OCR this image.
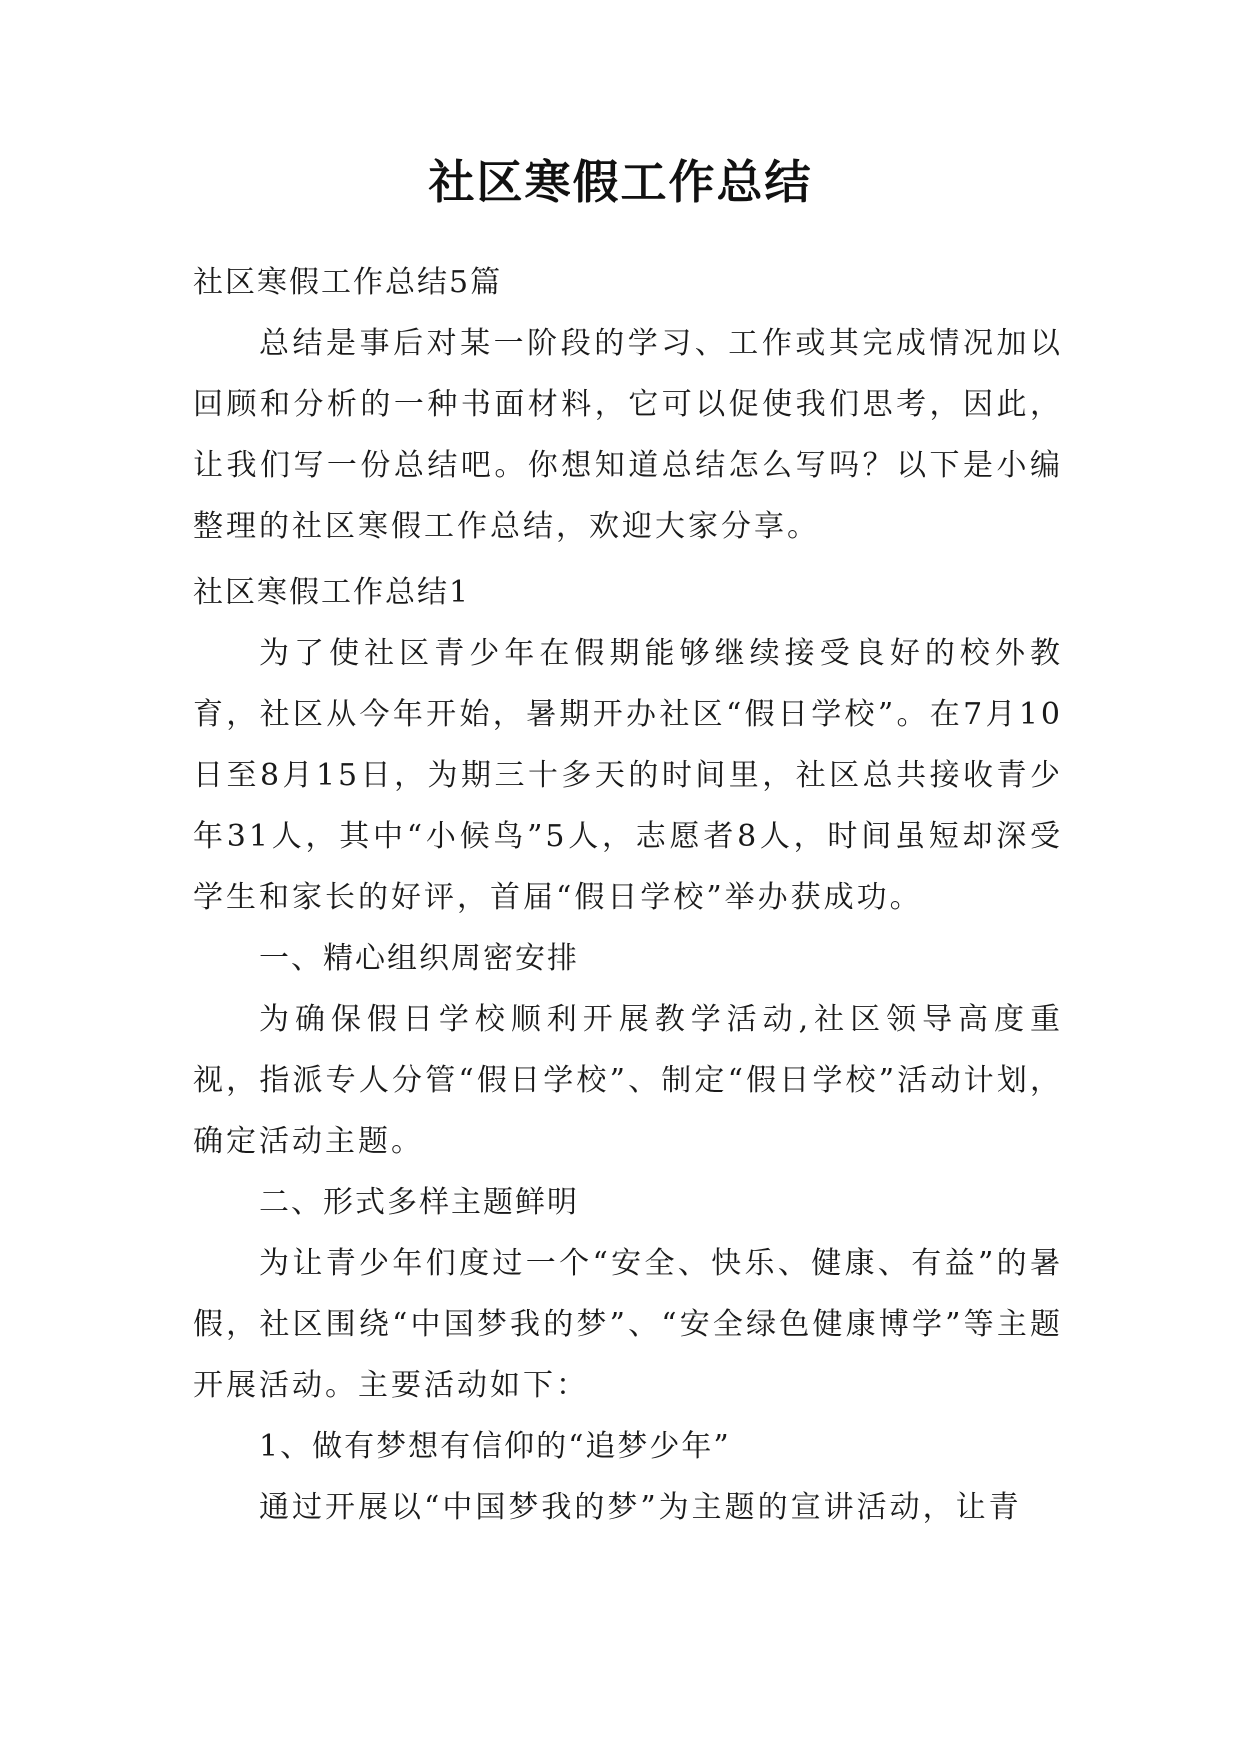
社区寒假工作总结

社区寒假工作总结5篇

总结是事后对某一阶段的学习、工作或其完成情况加以回顾和分析的一种书面材料，它可以促使我们思考，因此，让我们写一份总结吧。你想知道总结怎么写吗？以下是小编整理的社区寒假工作总结，欢迎大家分享。

社区寒假工作总结1

为了使社区青少年在假期能够继续接受良好的校外教育，社区从今年开始，暑期开办社区“假日学校”。在7月10日至8月15日，为期三十多天的时间里，社区总共接收青少年31人，其中“小候鸟”5人，志愿者8人，时间虽短却深受学生和家长的好评，首届“假日学校”举办获成功。

一、精心组织周密安排

为确保假日学校顺利开展教学活动,社区领导高度重视，指派专人分管“假日学校”、制定“假日学校”活动计划，确定活动主题。

二、形式多样主题鲜明

为让青少年们度过一个“安全、快乐、健康、有益”的暑假，社区围绕“中国梦我的梦”、“安全绿色健康博学”等主题开展活动。主要活动如下：

1、做有梦想有信仰的“追梦少年”

通过开展以“中国梦我的梦”为主题的宣讲活动，让青
